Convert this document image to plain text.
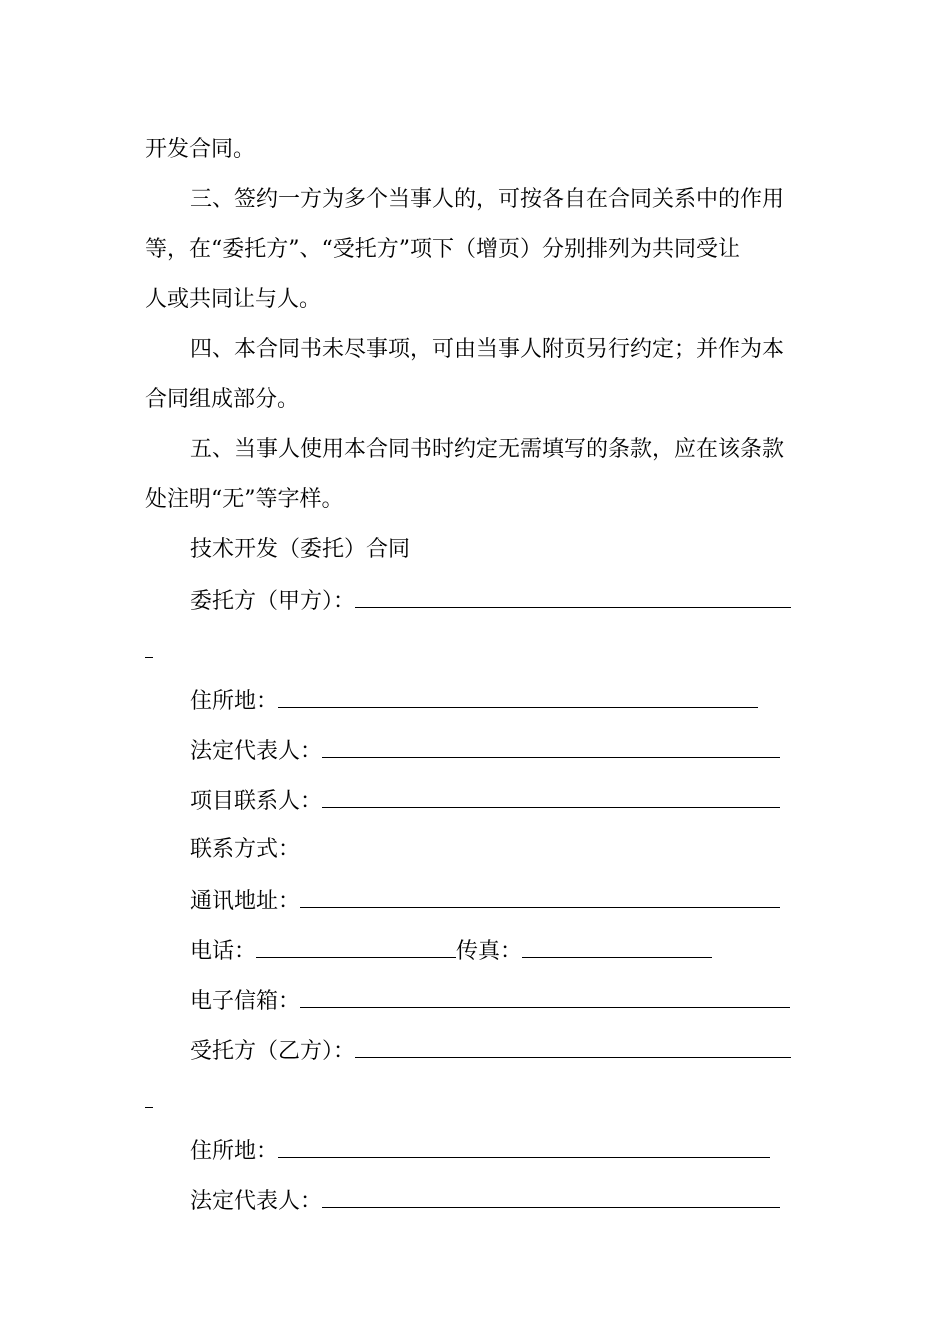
开发合同。
三、签约一方为多个当事人的，可按各自在合同关系中的作用
等，在“委托方”、“受托方”项下（增页）分别排列为共同受让
人或共同让与人。
四、本合同书未尽事项，可由当事人附页另行约定；并作为本
合同组成部分。
五、当事人使用本合同书时约定无需填写的条款，应在该条款
处注明“无”等字样。
技术开发（委托）合同
委托方（甲方）：
住所地：
法定代表人：
项目联系人：
联系方式：
通讯地址：
电话：	传真：
电子信箱：
受托方（乙方）：
住所地：
法定代表人：
